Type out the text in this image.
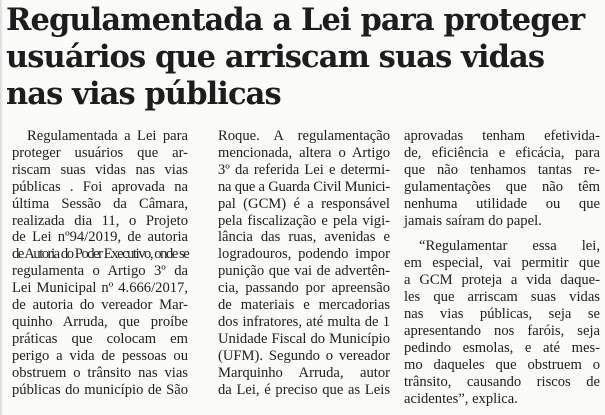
Regulamentada a Lei para proteger
usuários que arriscam suas vidas
nas vias públicas

Regulamentada a Lei para
proteger usuários que ar-
riscam suas vidas nas vias
públicas . Foi aprovada na
última Sessão da Câmara,
realizada dia 11, o Projeto
de Lei nº94/2019, de autoria
de Autoria do Poder Executivo, onde se
regulamenta o Artigo 3º da
Lei Municipal nº 4.666/2017,
de autoria do vereador Mar-
quinho Arruda, que proíbe
práticas que colocam em
perigo a vida de pessoas ou
obstruem o trânsito nas vias
públicas do município de São

Roque. A regulamentação
mencionada, altera o Artigo
3º da referida Lei e determi-
na que a Guarda Civil Munici-
pal (GCM) é a responsável
pela fiscalização e pela vigi-
lância das ruas, avenidas e
logradouros, podendo impor
punição que vai de advertên-
cia, passando por apreensão
de materiais e mercadorias
dos infratores, até multa de 1
Unidade Fiscal do Município
(UFM). Segundo o vereador
Marquinho Arruda, autor
da Lei, é preciso que as Leis

aprovadas tenham efetivida-
de, eficiência e eficácia, para
que não tenhamos tantas re-
gulamentações que não têm
nenhuma utilidade ou que
jamais saíram do papel.

“Regulamentar essa lei,
em especial, vai permitir que
a GCM proteja a vida daque-
les que arriscam suas vidas
nas vias públicas, seja se
apresentando nos faróis, seja
pedindo esmolas, e até mes-
mo daqueles que obstruem o
trânsito, causando riscos de
acidentes”, explica.
